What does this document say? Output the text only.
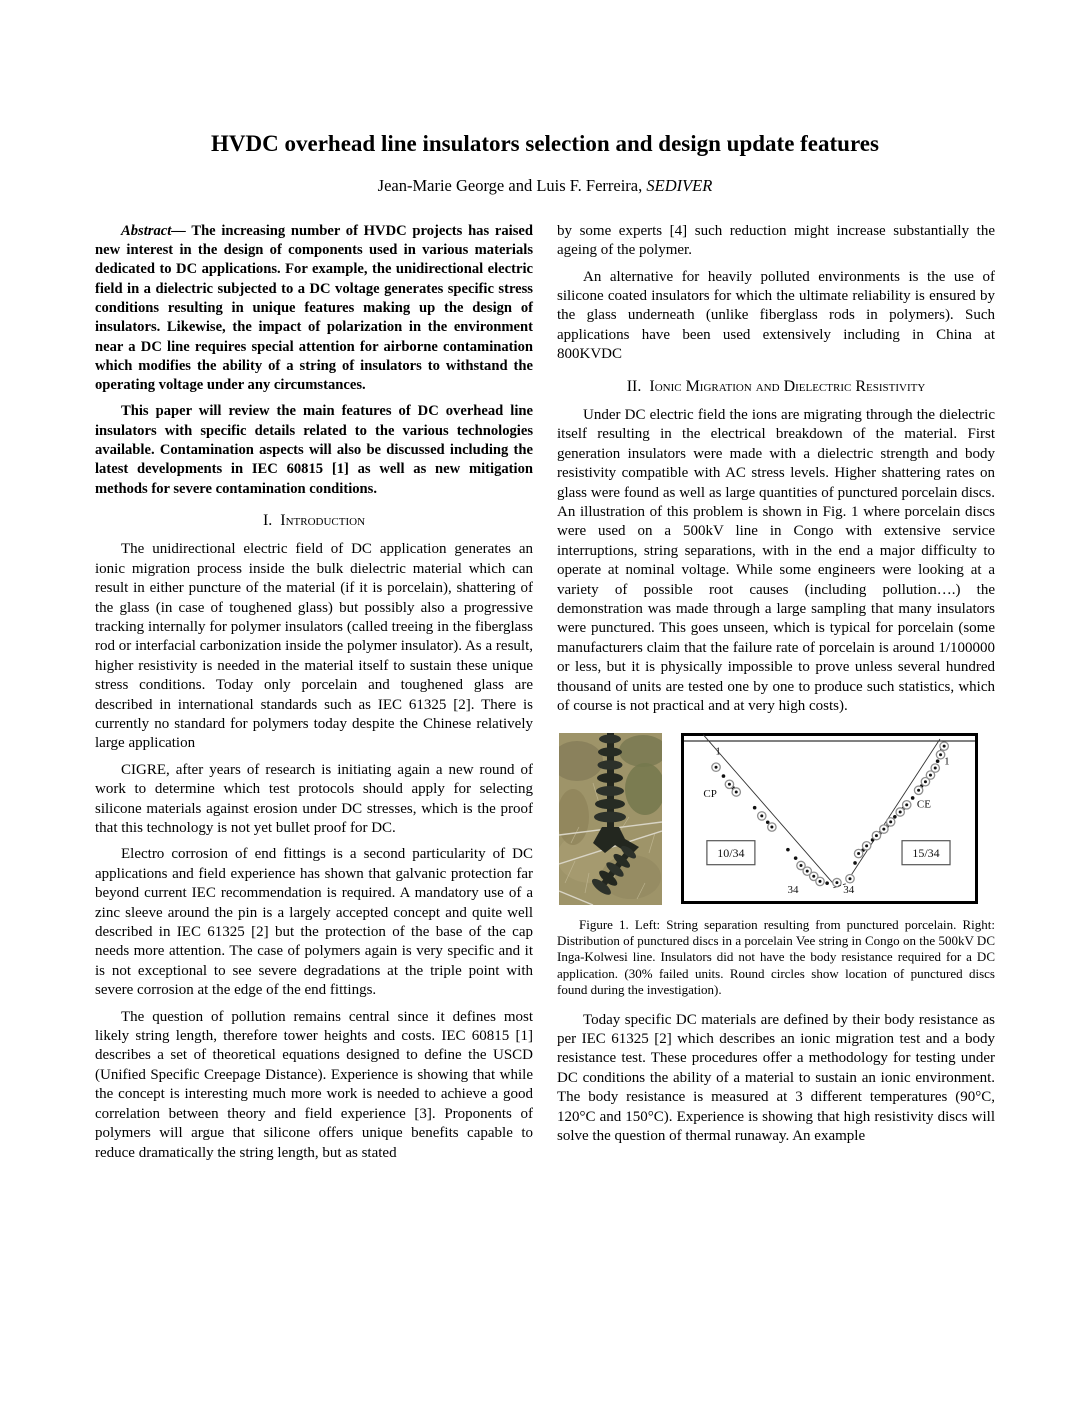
HVDC overhead line insulators selection and design update features
Jean-Marie George and Luis F. Ferreira, SEDIVER

Abstract— The increasing number of HVDC projects has raised new interest in the design of components used in various materials dedicated to DC applications. For example, the unidirectional electric field in a dielectric subjected to a DC voltage generates specific stress conditions resulting in unique features making up the design of insulators. Likewise, the impact of polarization in the environment near a DC line requires special attention for airborne contamination which modifies the ability of a string of insulators to withstand the operating voltage under any circumstances.

This paper will review the main features of DC overhead line insulators with specific details related to the various technologies available. Contamination aspects will also be discussed including the latest developments in IEC 60815 [1] as well as new mitigation methods for severe contamination conditions.

I. Introduction

The unidirectional electric field of DC application generates an ionic migration process inside the bulk dielectric material which can result in either puncture of the material (if it is porcelain), shattering of the glass (in case of toughened glass) but possibly also a progressive tracking internally for polymer insulators (called treeing in the fiberglass rod or interfacial carbonization inside the polymer insulator). As a result, higher resistivity is needed in the material itself to sustain these unique stress conditions. Today only porcelain and toughened glass are described in international standards such as IEC 61325 [2]. There is currently no standard for polymers today despite the Chinese relatively large application

CIGRE, after years of research is initiating again a new round of work to determine which test protocols should apply for selecting silicone materials against erosion under DC stresses, which is the proof that this technology is not yet bullet proof for DC.

Electro corrosion of end fittings is a second particularity of DC applications and field experience has shown that galvanic protection far beyond current IEC recommendation is required. A mandatory use of a zinc sleeve around the pin is a largely accepted concept and quite well described in IEC 61325 [2] but the protection of the base of the cap needs more attention. The case of polymers again is very specific and it is not exceptional to see severe degradations at the triple point with severe corrosion at the edge of the end fittings.

The question of pollution remains central since it defines most likely string length, therefore tower heights and costs. IEC 60815 [1] describes a set of theoretical equations designed to define the USCD (Unified Specific Creepage Distance). Experience is showing that while the concept is interesting much more work is needed to achieve a good correlation between theory and field experience [3]. Proponents of polymers will argue that silicone offers unique benefits capable to reduce dramatically the string length, but as stated

by some experts [4] such reduction might increase substantially the ageing of the polymer.

An alternative for heavily polluted environments is the use of silicone coated insulators for which the ultimate reliability is ensured by the glass underneath (unlike fiberglass rods in polymers). Such applications have been used extensively including in China at 800KVDC

II. Ionic Migration and Dielectric Resistivity

Under DC electric field the ions are migrating through the dielectric itself resulting in the electrical breakdown of the material. First generation insulators were made with a dielectric strength and body resistivity compatible with AC stress levels. Higher shattering rates on glass were found as well as large quantities of punctured porcelain discs. An illustration of this problem is shown in Fig. 1 where porcelain discs were used on a 500kV line in Congo with extensive service interruptions, string separations, with in the end a major difficulty to operate at nominal voltage. While some engineers were looking at a variety of possible root causes (including pollution….) the demonstration was made through a large sampling that many insulators were punctured. This goes unseen, which is typical for porcelain (some manufacturers claim that the failure rate of porcelain is around 1/100000 or less, but it is physically impossible to prove unless several hundred thousand of units are tested one by one to produce such statistics, which of course is not practical and at very high costs).

1
CP
34	34
CE
1
10/34	15/34
Figure 1. Left: String separation resulting from punctured porcelain. Right: Distribution of punctured discs in a porcelain Vee string in Congo on the 500kV DC Inga-Kolwesi line. Insulators did not have the body resistance required for a DC application. (30% failed units. Round circles show location of punctured discs found during the investigation).

Today specific DC materials are defined by their body resistance as per IEC 61325 [2] which describes an ionic migration test and a body resistance test. These procedures offer a methodology for testing under DC conditions the ability of a material to sustain an ionic environment. The body resistance is measured at 3 different temperatures (90°C, 120°C and 150°C). Experience is showing that high resistivity discs will solve the question of thermal runaway. An example
